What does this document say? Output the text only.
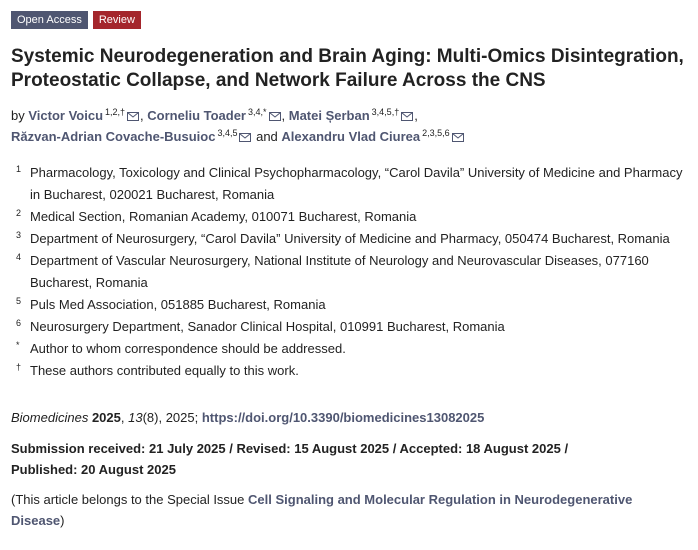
Open Access	Review
Systemic Neurodegeneration and Brain Aging: Multi-Omics Disintegration, Proteostatic Collapse, and Network Failure Across the CNS
by Victor Voicu $^{1,2,\dagger}$ , Corneliu Toader $^{3,4,*}$ , Matei Șerban $^{3,4,5,\dagger}$ ,
Răzvan-Adrian Covache-Busuioc $^{3,4,5}$ and Alexandru Vlad Ciurea $^{2,3,5,6}$
1 Pharmacology, Toxicology and Clinical Psychopharmacology, “Carol Davila” University of Medicine and Pharmacy in Bucharest, 020021 Bucharest, Romania
2 Medical Section, Romanian Academy, 010071 Bucharest, Romania
3 Department of Neurosurgery, “Carol Davila” University of Medicine and Pharmacy, 050474 Bucharest, Romania
4 Department of Vascular Neurosurgery, National Institute of Neurology and Neurovascular Diseases, 077160 Bucharest, Romania
5 Puls Med Association, 051885 Bucharest, Romania
6 Neurosurgery Department, Sanador Clinical Hospital, 010991 Bucharest, Romania
* Author to whom correspondence should be addressed.
† These authors contributed equally to this work.
Biomedicines 2025, 13(8), 2025; https://doi.org/10.3390/biomedicines13082025
Submission received: 21 July 2025 / Revised: 15 August 2025 / Accepted: 18 August 2025 /
Published: 20 August 2025
(This article belongs to the Special Issue Cell Signaling and Molecular Regulation in Neurodegenerative Disease)
